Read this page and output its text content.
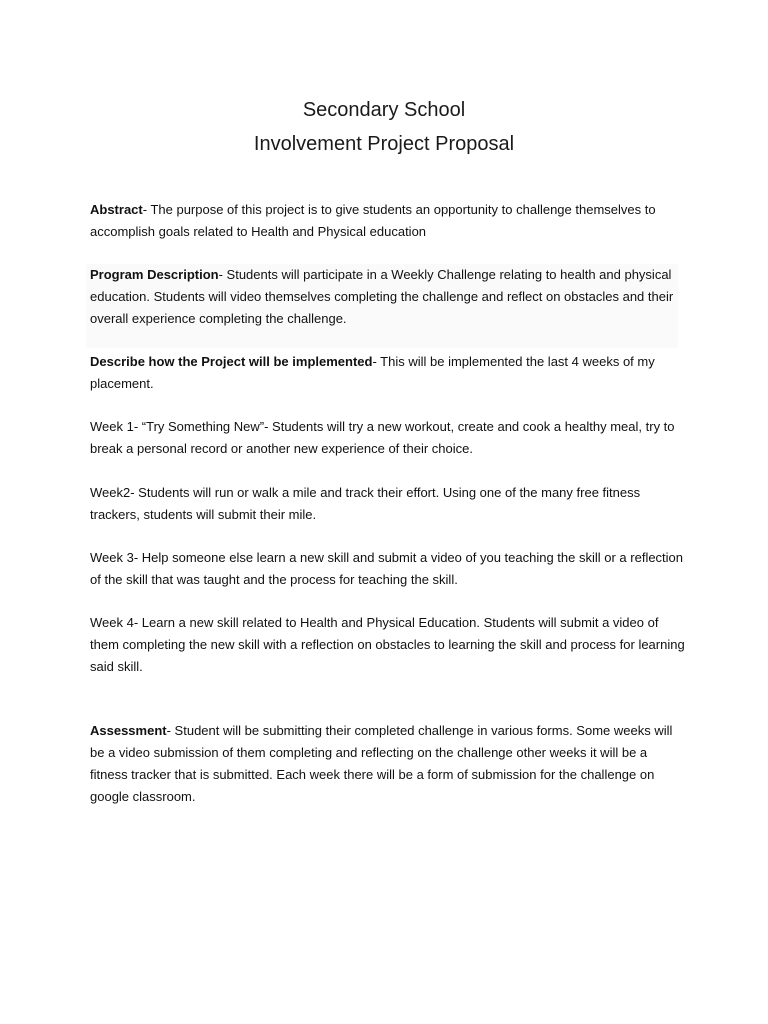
Secondary School
Involvement Project Proposal

Abstract- The purpose of this project is to give students an opportunity to challenge themselves to accomplish goals related to Health and Physical education

Program Description- Students will participate in a Weekly Challenge relating to health and physical education. Students will video themselves completing the challenge and reflect on obstacles and their overall experience completing the challenge.

Describe how the Project will be implemented- This will be implemented the last 4 weeks of my placement.

Week 1- “Try Something New”- Students will try a new workout, create and cook a healthy meal, try to break a personal record or another new experience of their choice.

Week2- Students will run or walk a mile and track their effort. Using one of the many free fitness trackers, students will submit their mile.

Week 3- Help someone else learn a new skill and submit a video of you teaching the skill or a reflection of the skill that was taught and the process for teaching the skill.

Week 4- Learn a new skill related to Health and Physical Education. Students will submit a video of them completing the new skill with a reflection on obstacles to learning the skill and process for learning said skill.

Assessment- Student will be submitting their completed challenge in various forms. Some weeks will be a video submission of them completing and reflecting on the challenge other weeks it will be a fitness tracker that is submitted. Each week there will be a form of submission for the challenge on google classroom.
